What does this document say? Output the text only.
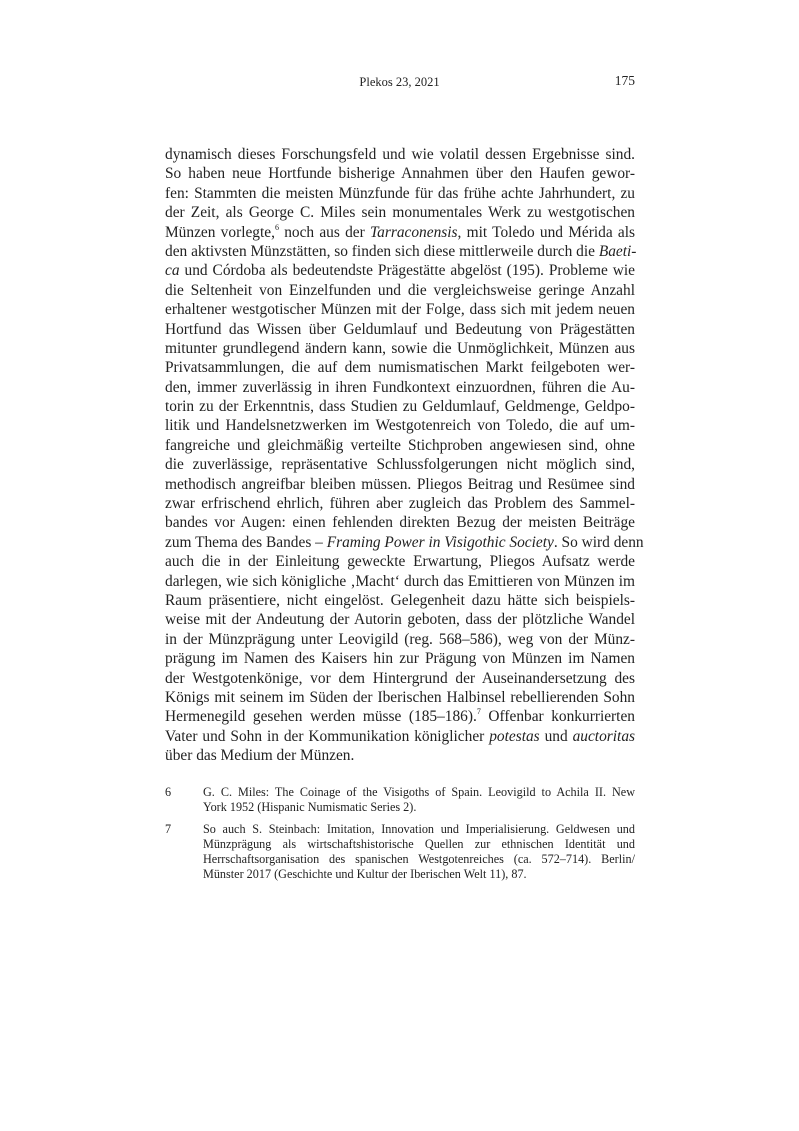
Plekos 23, 2021	175
dynamisch dieses Forschungsfeld und wie volatil dessen Ergebnisse sind.
So haben neue Hortfunde bisherige Annahmen über den Haufen gewor-
fen: Stammten die meisten Münzfunde für das frühe achte Jahrhundert, zu
der Zeit, als George C. Miles sein monumentales Werk zu westgotischen
Münzen vorlegte,$^6$ noch aus der Tarraconensis, mit Toledo und Mérida als
den aktivsten Münzstätten, so finden sich diese mittlerweile durch die Baeti-
ca und Córdoba als bedeutendste Prägestätte abgelöst (195). Probleme wie
die Seltenheit von Einzelfunden und die vergleichsweise geringe Anzahl
erhaltener westgotischer Münzen mit der Folge, dass sich mit jedem neuen
Hortfund das Wissen über Geldumlauf und Bedeutung von Prägestätten
mitunter grundlegend ändern kann, sowie die Unmöglichkeit, Münzen aus
Privatsammlungen, die auf dem numismatischen Markt feilgeboten wer-
den, immer zuverlässig in ihren Fundkontext einzuordnen, führen die Au-
torin zu der Erkenntnis, dass Studien zu Geldumlauf, Geldmenge, Geldpo-
litik und Handelsnetzwerken im Westgotenreich von Toledo, die auf um-
fangreiche und gleichmäßig verteilte Stichproben angewiesen sind, ohne
die zuverlässige, repräsentative Schlussfolgerungen nicht möglich sind,
methodisch angreifbar bleiben müssen. Pliegos Beitrag und Resümee sind
zwar erfrischend ehrlich, führen aber zugleich das Problem des Sammel-
bandes vor Augen: einen fehlenden direkten Bezug der meisten Beiträge
zum Thema des Bandes – Framing Power in Visigothic Society. So wird denn
auch die in der Einleitung geweckte Erwartung, Pliegos Aufsatz werde
darlegen, wie sich königliche ‚Macht‘ durch das Emittieren von Münzen im
Raum präsentiere, nicht eingelöst. Gelegenheit dazu hätte sich beispiels-
weise mit der Andeutung der Autorin geboten, dass der plötzliche Wandel
in der Münzprägung unter Leovigild (reg. 568–586), weg von der Münz-
prägung im Namen des Kaisers hin zur Prägung von Münzen im Namen
der Westgotenkönige, vor dem Hintergrund der Auseinandersetzung des
Königs mit seinem im Süden der Iberischen Halbinsel rebellierenden Sohn
Hermenegild gesehen werden müsse (185–186).$^7$ Offenbar konkurrierten
Vater und Sohn in der Kommunikation königlicher potestas und auctoritas
über das Medium der Münzen.
6	G. C. Miles: The Coinage of the Visigoths of Spain. Leovigild to Achila II. New
York 1952 (Hispanic Numismatic Series 2).
7	So auch S. Steinbach: Imitation, Innovation und Imperialisierung. Geldwesen und
Münzprägung als wirtschaftshistorische Quellen zur ethnischen Identität und
Herrschaftsorganisation des spanischen Westgotenreiches (ca. 572–714). Berlin/
Münster 2017 (Geschichte und Kultur der Iberischen Welt 11), 87.
